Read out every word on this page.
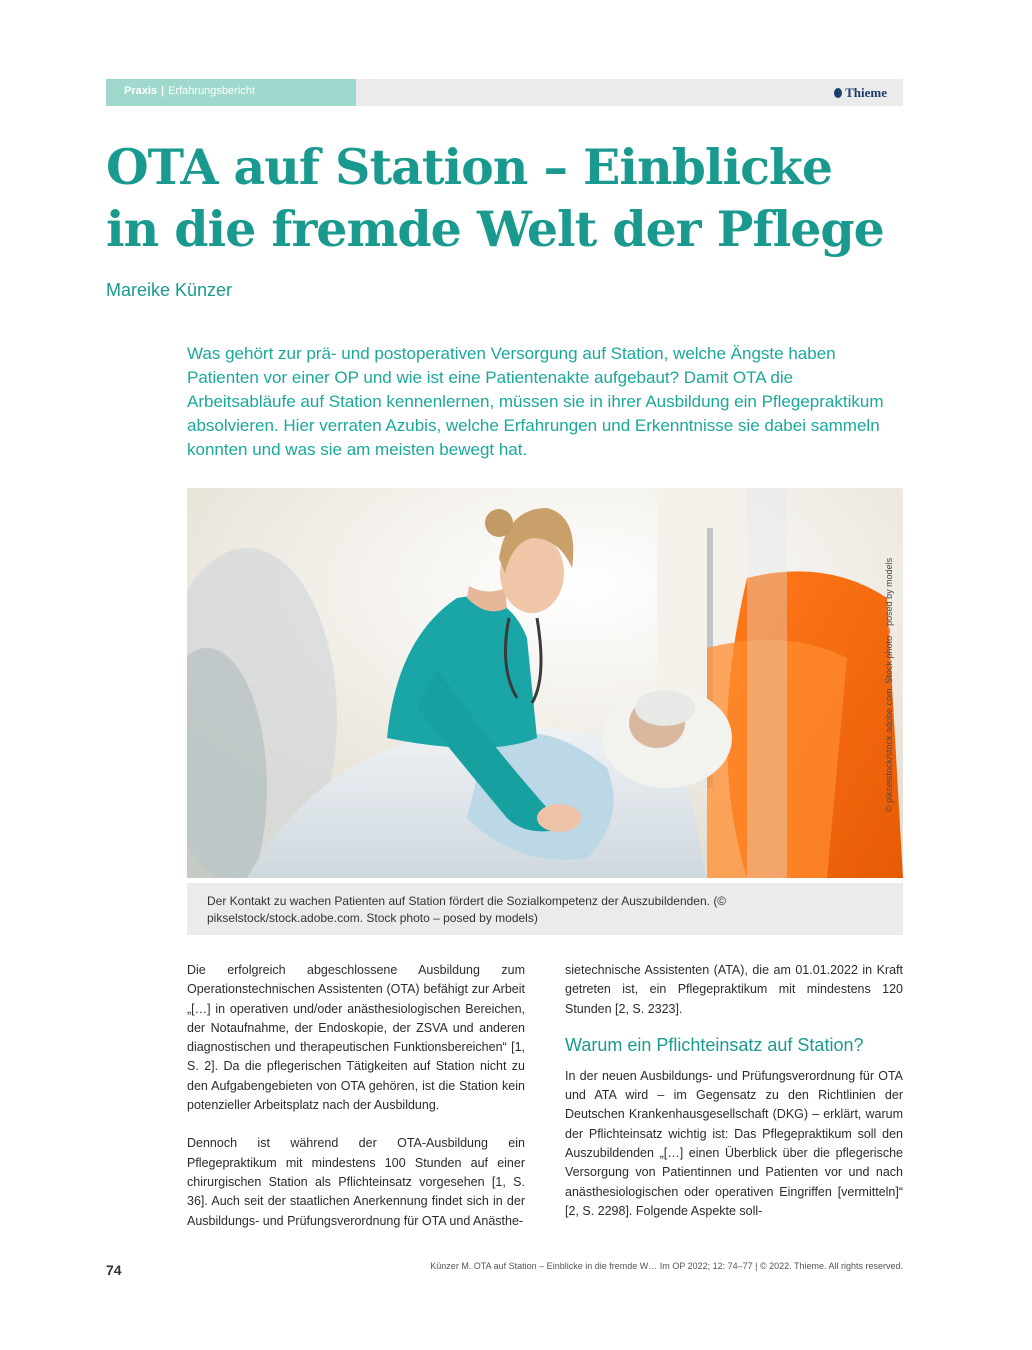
Praxis | Erfahrungsbericht	Thieme
OTA auf Station – Einblicke
in die fremde Welt der Pflege
Mareike Künzer

Was gehört zur prä- und postoperativen Versorgung auf Station, welche Ängste haben Patienten vor einer OP und wie ist eine Patientenakte aufgebaut? Damit OTA die Arbeitsabläufe auf Station kennenlernen, müssen sie in ihrer Ausbildung ein Pflegepraktikum absolvieren. Hier verraten Azubis, welche Erfahrungen und Erkenntnisse sie dabei sammeln konnten und was sie am meisten bewegt hat.

© pikselstock/stock.adobe.com. Stock photo – posed by models
Der Kontakt zu wachen Patienten auf Station fördert die Sozialkompetenz der Auszubildenden. (© pikselstock/stock.adobe.com. Stock photo – posed by models)

Die erfolgreich abgeschlossene Ausbildung zum Operationstechnischen Assistenten (OTA) befähigt zur Arbeit „[…] in operativen und/oder anästhesiologischen Bereichen, der Notaufnahme, der Endoskopie, der ZSVA und anderen diagnostischen und therapeutischen Funktionsbereichen“ [1, S. 2]. Da die pflegerischen Tätigkeiten auf Station nicht zu den Aufgabengebieten von OTA gehören, ist die Station kein potenzieller Arbeitsplatz nach der Ausbildung.

Dennoch ist während der OTA-Ausbildung ein Pflegepraktikum mit mindestens 100 Stunden auf einer chirurgischen Station als Pflichteinsatz vorgesehen [1, S. 36]. Auch seit der staatlichen Anerkennung findet sich in der Ausbildungs- und Prüfungsverordnung für OTA und Anästhe-

sietechnische Assistenten (ATA), die am 01.01.2022 in Kraft getreten ist, ein Pflegepraktikum mit mindestens 120 Stunden [2, S. 2323].

Warum ein Pflichteinsatz auf Station?

In der neuen Ausbildungs- und Prüfungsverordnung für OTA und ATA wird – im Gegensatz zu den Richtlinien der Deutschen Krankenhausgesellschaft (DKG) – erklärt, warum der Pflichteinsatz wichtig ist: Das Pflegepraktikum soll den Auszubildenden „[…] einen Überblick über die pflegerische Versorgung von Patientinnen und Patienten vor und nach anästhesiologischen oder operativen Eingriffen [vermitteln]“ [2, S. 2298]. Folgende Aspekte soll-

74	Künzer M. OTA auf Station – Einblicke in die fremde W… Im OP 2022; 12: 74–77 | © 2022. Thieme. All rights reserved.
